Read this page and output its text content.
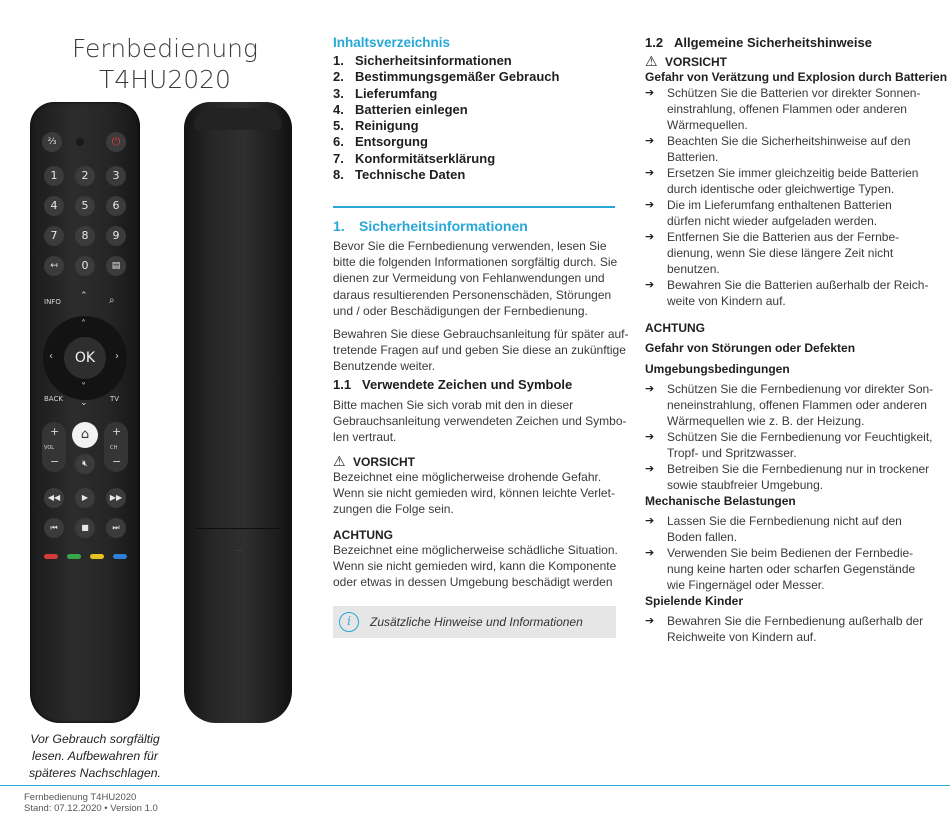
Fernbedienung
T4HU2020
⅔	⏻
1	2	3
4	5	6
7	8	9
↤	0	▤
INFO
⌃ ⌕
˄
˅
‹	›
OK
BACK ⌄	TV
+
−
VOL
+
−
CH
⌂
🔇︎
◀◀	▶	▶▶
⏮	■	⏭
Vor Gebrauch sorgfältig
lesen. Aufbewahren für
späteres Nachschlagen.
Inhaltsverzeichnis
1. Sicherheitsinformationen
2. Bestimmungsgemäßer Gebrauch
3. Lieferumfang
4. Batterien einlegen
5. Reinigung
6. Entsorgung
7. Konformitätserklärung
8. Technische Daten
1. Sicherheitsinformationen
Bevor Sie die Fernbedienung verwenden, lesen Sie
bitte die folgenden Informationen sorgfältig durch. Sie
dienen zur Vermeidung von Fehlanwendungen und
daraus resultierenden Personenschäden, Störungen
und / oder Beschädigungen der Fernbedienung.
Bewahren Sie diese Gebrauchsanleitung für später auf-
tretende Fragen auf und geben Sie diese an zukünftige
Benutzende weiter.
1.1 Verwendete Zeichen und Symbole
Bitte machen Sie sich vorab mit den in dieser
Gebrauchsanleitung verwendeten Zeichen und Symbo-
len vertraut.
⚠ VORSICHT
Bezeichnet eine möglicherweise drohende Gefahr.
Wenn sie nicht gemieden wird, können leichte Verlet-
zungen die Folge sein.
ACHTUNG
Bezeichnet eine möglicherweise schädliche Situation.
Wenn sie nicht gemieden wird, kann die Komponente
oder etwas in dessen Umgebung beschädigt werden
i	Zusätzliche Hinweise und Informationen
1.2 Allgemeine Sicherheitshinweise
⚠ VORSICHT
Gefahr von Verätzung und Explosion durch Batterien
➔ Schützen Sie die Batterien vor direkter Sonnen-
einstrahlung, offenen Flammen oder anderen
Wärmequellen.
➔ Beachten Sie die Sicherheitshinweise auf den
Batterien.
➔ Ersetzen Sie immer gleichzeitig beide Batterien
durch identische oder gleichwertige Typen.
➔ Die im Lieferumfang enthaltenen Batterien
dürfen nicht wieder aufgeladen werden.
➔ Entfernen Sie die Batterien aus der Fernbe-
dienung, wenn Sie diese längere Zeit nicht
benutzen.
➔ Bewahren Sie die Batterien außerhalb der Reich-
weite von Kindern auf.
ACHTUNG
Gefahr von Störungen oder Defekten
Umgebungsbedingungen
➔ Schützen Sie die Fernbedienung vor direkter Son-
neneinstrahlung, offenen Flammen oder anderen
Wärmequellen wie z. B. der Heizung.
➔ Schützen Sie die Fernbedienung vor Feuchtigkeit,
Tropf- und Spritzwasser.
➔ Betreiben Sie die Fernbedienung nur in trockener
sowie staubfreier Umgebung.
Mechanische Belastungen
➔ Lassen Sie die Fernbedienung nicht auf den
Boden fallen.
➔ Verwenden Sie beim Bedienen der Fernbedie-
nung keine harten oder scharfen Gegenstände
wie Fingernägel oder Messer.
Spielende Kinder
➔ Bewahren Sie die Fernbedienung außerhalb der
Reichweite von Kindern auf.
Fernbedienung T4HU2020
Stand: 07.12.2020 • Version 1.0
